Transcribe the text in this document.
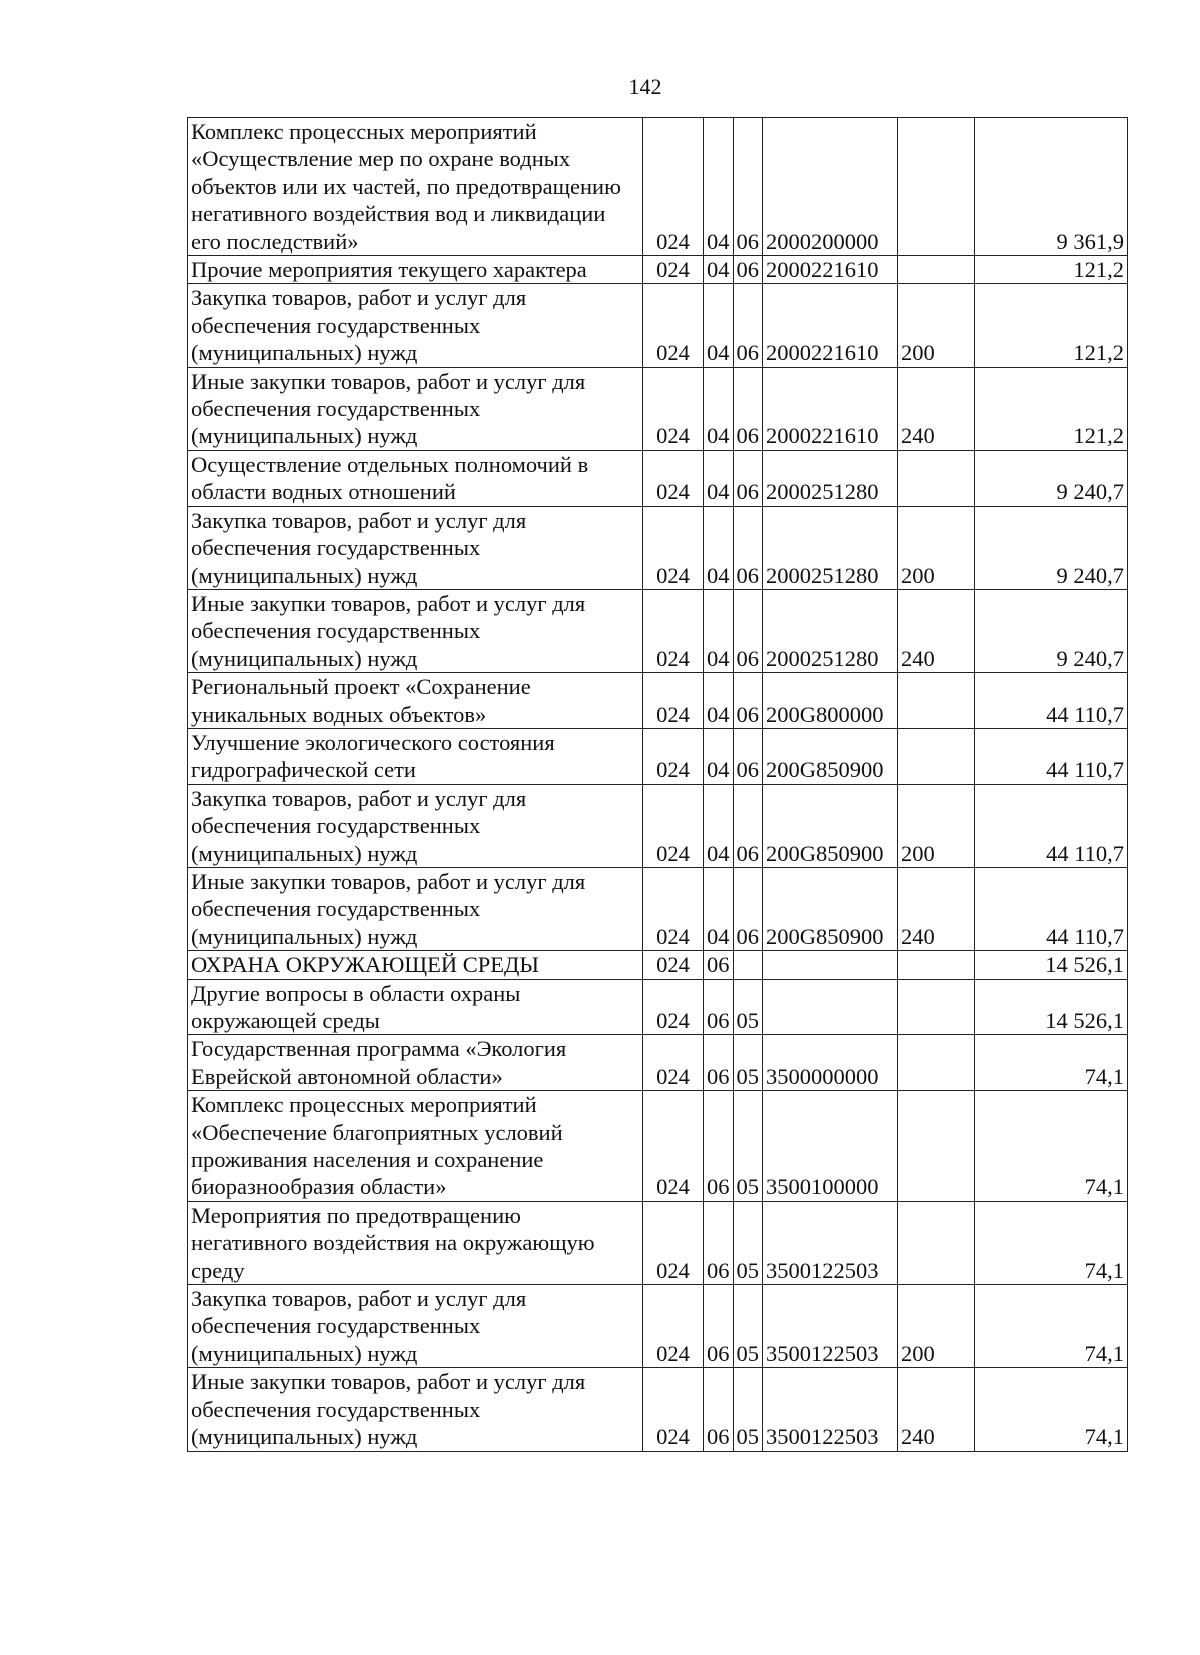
142
Комплекс процессных мероприятий
«Осуществление мер по охране водных
объектов или их частей, по предотвращению
негативного воздействия вод и ликвидации
его последствий»	024	04	06	2000200000		9 361,9

Прочие мероприятия текущего характера	024	04	06	2000221610		121,2

Закупка товаров, работ и услуг для
обеспечения государственных
(муниципальных) нужд	024	04	06	2000221610	200	121,2

Иные закупки товаров, работ и услуг для
обеспечения государственных
(муниципальных) нужд	024	04	06	2000221610	240	121,2

Осуществление отдельных полномочий в
области водных отношений	024	04	06	2000251280		9 240,7

Закупка товаров, работ и услуг для
обеспечения государственных
(муниципальных) нужд	024	04	06	2000251280	200	9 240,7

Иные закупки товаров, работ и услуг для
обеспечения государственных
(муниципальных) нужд	024	04	06	2000251280	240	9 240,7

Региональный проект «Сохранение
уникальных водных объектов»	024	04	06	200G800000		44 110,7

Улучшение экологического состояния
гидрографической сети	024	04	06	200G850900		44 110,7

Закупка товаров, работ и услуг для
обеспечения государственных
(муниципальных) нужд	024	04	06	200G850900	200	44 110,7

Иные закупки товаров, работ и услуг для
обеспечения государственных
(муниципальных) нужд	024	04	06	200G850900	240	44 110,7

ОХРАНА ОКРУЖАЮЩЕЙ СРЕДЫ	024	06				14 526,1

Другие вопросы в области охраны
окружающей среды	024	06	05			14 526,1

Государственная программа «Экология
Еврейской автономной области»	024	06	05	3500000000		74,1

Комплекс процессных мероприятий
«Обеспечение благоприятных условий
проживания населения и сохранение
биоразнообразия области»	024	06	05	3500100000		74,1

Мероприятия по предотвращению
негативного воздействия на окружающую
среду	024	06	05	3500122503		74,1

Закупка товаров, работ и услуг для
обеспечения государственных
(муниципальных) нужд	024	06	05	3500122503	200	74,1

Иные закупки товаров, работ и услуг для
обеспечения государственных
(муниципальных) нужд	024	06	05	3500122503	240	74,1
